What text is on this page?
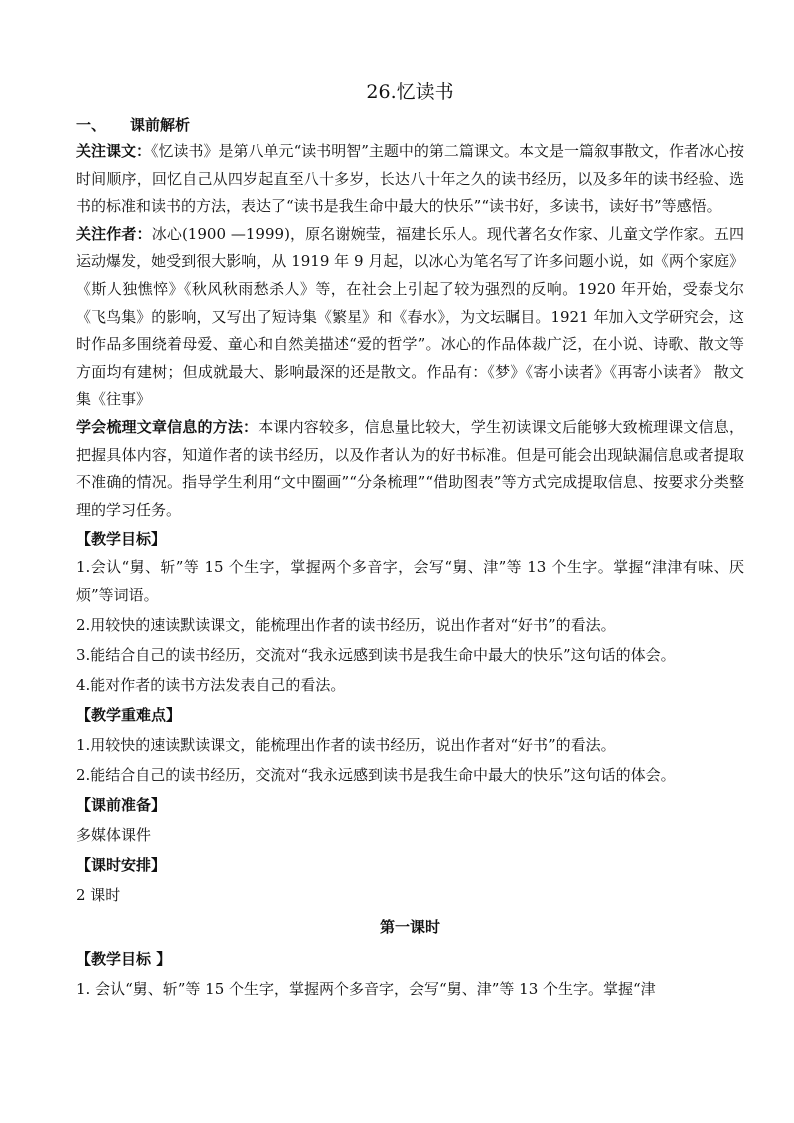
26.忆读书
一、 课前解析

关注课文：《忆读书》是第八单元“读书明智”主题中的第二篇课文。本文是一篇叙事散文，作者冰心按时间顺序，回忆自己从四岁起直至八十多岁，长达八十年之久的读书经历，以及多年的读书经验、选书的标准和读书的方法，表达了“读书是我生命中最大的快乐”“读书好，多读书，读好书”等感悟。

关注作者：冰心(1900 —1999)，原名谢婉莹，福建长乐人。现代著名女作家、儿童文学作家。五四运动爆发，她受到很大影响，从 1919 年 9 月起，以冰心为笔名写了许多问题小说，如《两个家庭》《斯人独憔悴》《秋风秋雨愁杀人》等，在社会上引起了较为强烈的反响。1920 年开始，受泰戈尔《飞鸟集》的影响，又写出了短诗集《繁星》和《春水》，为文坛瞩目。1921 年加入文学研究会，这时作品多围绕着母爱、童心和自然美描述“爱的哲学”。冰心的作品体裁广泛，在小说、诗歌、散文等方面均有建树；但成就最大、影响最深的还是散文。作品有：《梦》《寄小读者》《再寄小读者》 散文集《往事》

学会梳理文章信息的方法：本课内容较多，信息量比较大，学生初读课文后能够大致梳理课文信息，把握具体内容，知道作者的读书经历，以及作者认为的好书标准。但是可能会出现缺漏信息或者提取不准确的情况。指导学生利用“文中圈画”“分条梳理”“借助图表”等方式完成提取信息、按要求分类整理的学习任务。

【教学目标】

1.会认“舅、斩”等 15 个生字，掌握两个多音字，会写“舅、津”等 13 个生字。掌握“津津有味、厌烦”等词语。

2.用较快的速读默读课文，能梳理出作者的读书经历，说出作者对“好书”的看法。

3.能结合自己的读书经历，交流对“我永远感到读书是我生命中最大的快乐”这句话的体会。

4.能对作者的读书方法发表自己的看法。

【教学重难点】

1.用较快的速读默读课文，能梳理出作者的读书经历，说出作者对“好书”的看法。

2.能结合自己的读书经历，交流对“我永远感到读书是我生命中最大的快乐”这句话的体会。

【课前准备】

多媒体课件

【课时安排】

2 课时

第一课时

【教学目标 】

1. 会认“舅、斩”等 15 个生字，掌握两个多音字，会写“舅、津”等 13 个生字。掌握“津
